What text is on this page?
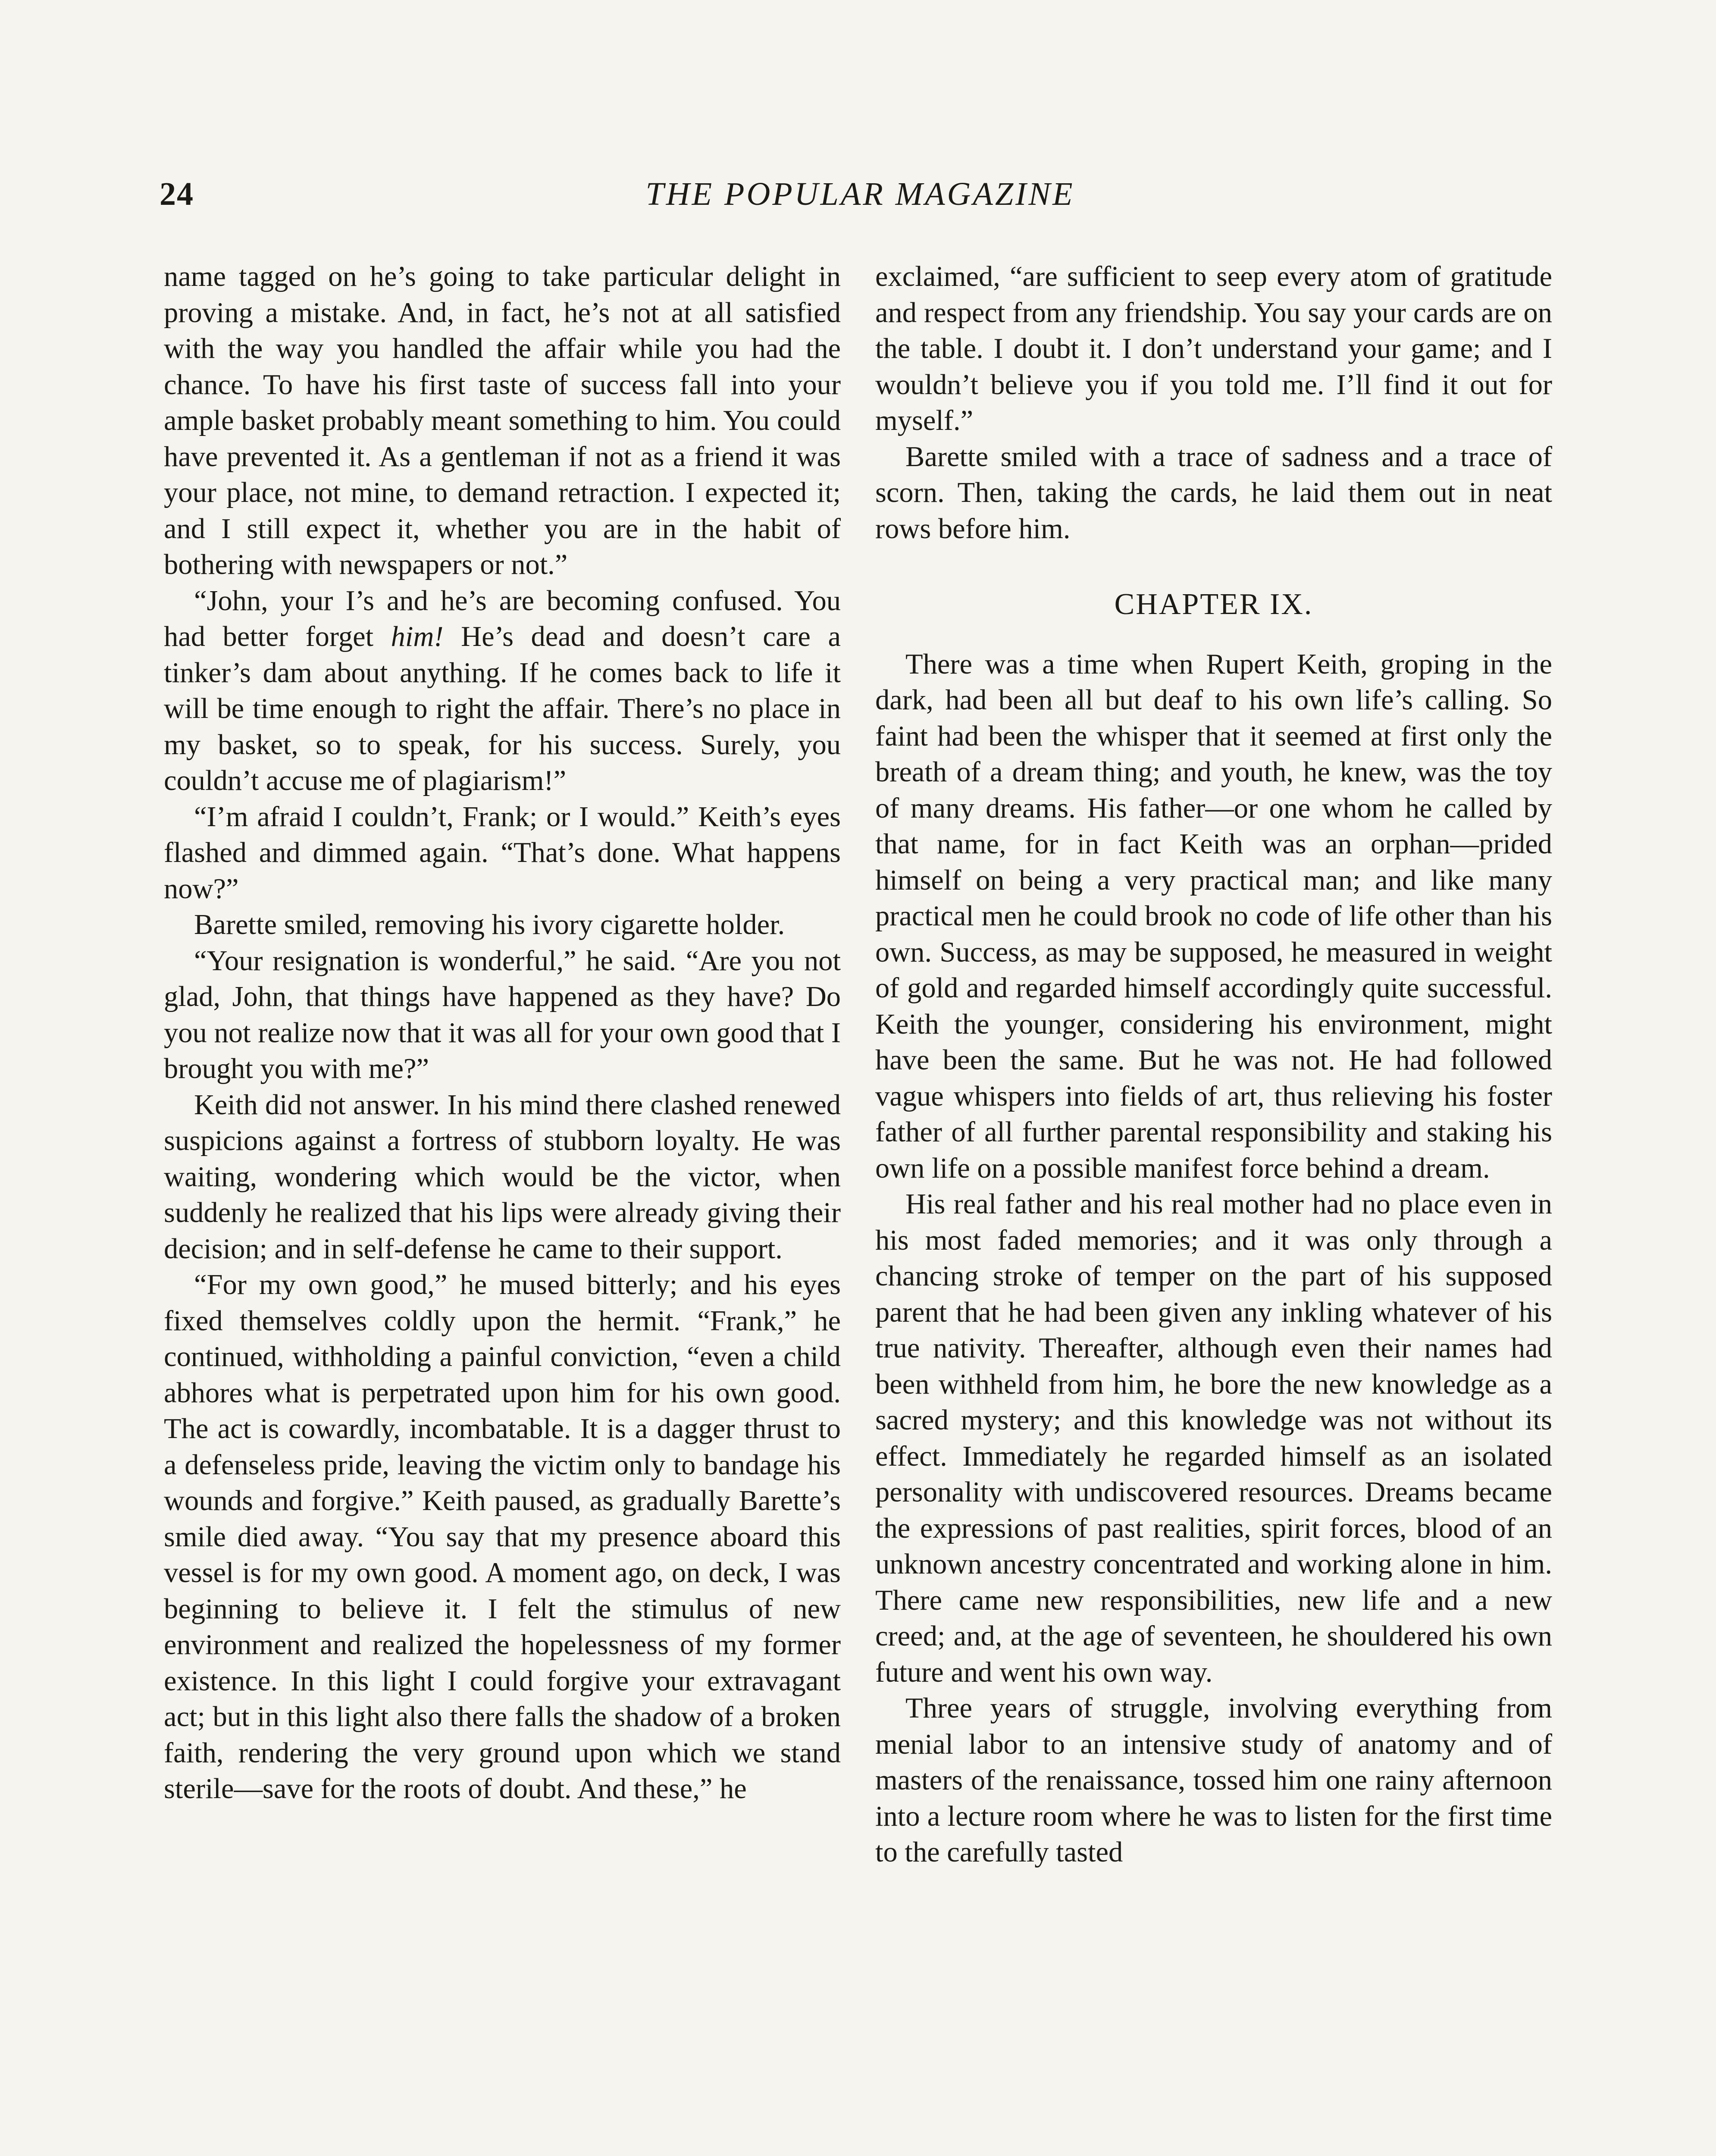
24	THE POPULAR MAGAZINE

name tagged on he’s going to take particular delight in proving a mistake. And, in fact, he’s not at all satisfied with the way you handled the affair while you had the chance. To have his first taste of success fall into your ample basket probably meant something to him. You could have prevented it. As a gentleman if not as a friend it was your place, not mine, to demand retraction. I expected it; and I still expect it, whether you are in the habit of bothering with newspapers or not.”

“John, your I’s and he’s are becoming confused. You had better forget him! He’s dead and doesn’t care a tinker’s dam about anything. If he comes back to life it will be time enough to right the affair. There’s no place in my basket, so to speak, for his success. Surely, you couldn’t accuse me of plagiarism!”

“I’m afraid I couldn’t, Frank; or I would.” Keith’s eyes flashed and dimmed again. “That’s done. What happens now?”

Barette smiled, removing his ivory cigarette holder.

“Your resignation is wonderful,” he said. “Are you not glad, John, that things have happened as they have? Do you not realize now that it was all for your own good that I brought you with me?”

Keith did not answer. In his mind there clashed renewed suspicions against a fortress of stubborn loyalty. He was waiting, wondering which would be the victor, when suddenly he realized that his lips were already giving their decision; and in self-defense he came to their support.

“For my own good,” he mused bitterly; and his eyes fixed themselves coldly upon the hermit. “Frank,” he continued, withholding a painful conviction, “even a child abhores what is perpetrated upon him for his own good. The act is cowardly, incombatable. It is a dagger thrust to a defenseless pride, leaving the victim only to bandage his wounds and forgive.” Keith paused, as gradually Barette’s smile died away. “You say that my presence aboard this vessel is for my own good. A moment ago, on deck, I was beginning to believe it. I felt the stimulus of new environment and realized the hopelessness of my former existence. In this light I could forgive your extravagant act; but in this light also there falls the shadow of a broken faith, rendering the very ground upon which we stand sterile—save for the roots of doubt. And these,” he

exclaimed, “are sufficient to seep every atom of gratitude and respect from any friendship. You say your cards are on the table. I doubt it. I don’t understand your game; and I wouldn’t believe you if you told me. I’ll find it out for myself.”

Barette smiled with a trace of sadness and a trace of scorn. Then, taking the cards, he laid them out in neat rows before him.

CHAPTER IX.

There was a time when Rupert Keith, groping in the dark, had been all but deaf to his own life’s calling. So faint had been the whisper that it seemed at first only the breath of a dream thing; and youth, he knew, was the toy of many dreams. His father—or one whom he called by that name, for in fact Keith was an orphan—prided himself on being a very practical man; and like many practical men he could brook no code of life other than his own. Success, as may be supposed, he measured in weight of gold and regarded himself accordingly quite successful. Keith the younger, considering his environment, might have been the same. But he was not. He had followed vague whispers into fields of art, thus relieving his foster father of all further parental responsibility and staking his own life on a possible manifest force behind a dream.

His real father and his real mother had no place even in his most faded memories; and it was only through a chancing stroke of temper on the part of his supposed parent that he had been given any inkling whatever of his true nativity. Thereafter, although even their names had been withheld from him, he bore the new knowledge as a sacred mystery; and this knowledge was not without its effect. Immediately he regarded himself as an isolated personality with undiscovered resources. Dreams became the expressions of past realities, spirit forces, blood of an unknown ancestry concentrated and working alone in him. There came new responsibilities, new life and a new creed; and, at the age of seventeen, he shouldered his own future and went his own way.

Three years of struggle, involving everything from menial labor to an intensive study of anatomy and of masters of the renaissance, tossed him one rainy afternoon into a lecture room where he was to listen for the first time to the carefully tasted
